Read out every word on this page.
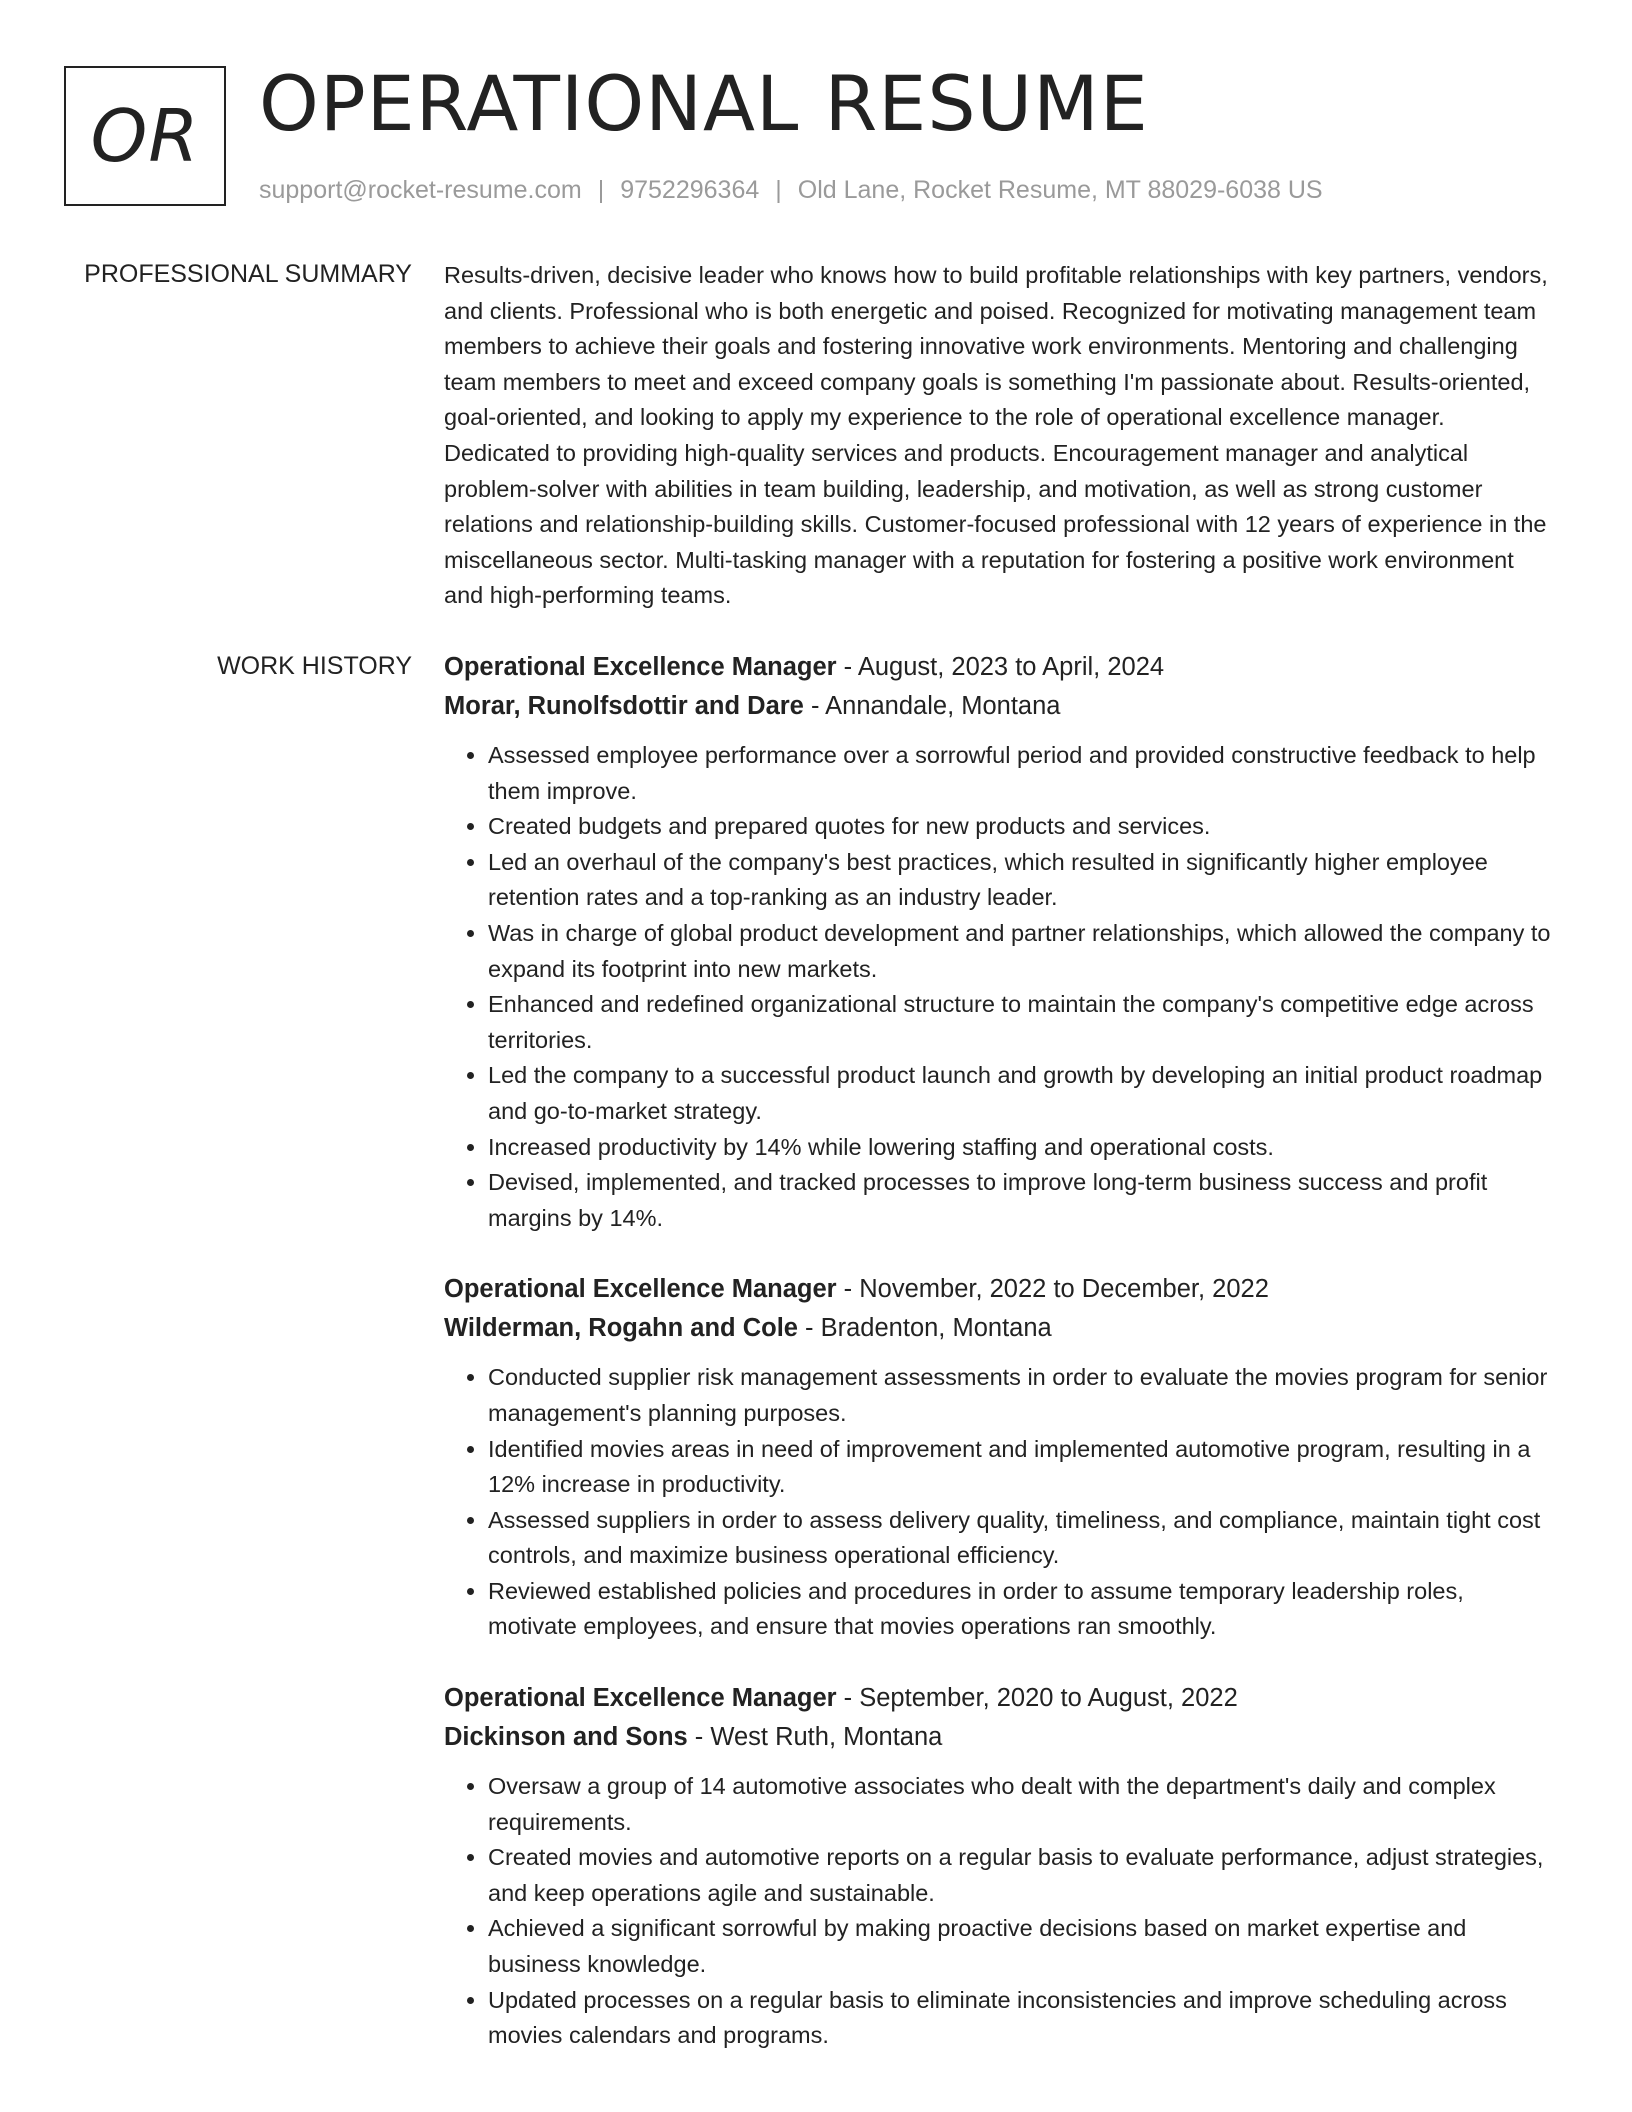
OR OPERATIONAL RESUME
support@rocket-resume.com | 9752296364 | Old Lane, Rocket Resume, MT 88029-6038 US
PROFESSIONAL SUMMARY Results-driven, decisive leader who knows how to build profitable relationships with key partners, vendors, and clients. Professional who is both energetic and poised. Recognized for motivating management team members to achieve their goals and fostering innovative work environments. Mentoring and challenging team members to meet and exceed company goals is something I'm passionate about. Results-oriented, goal-oriented, and looking to apply my experience to the role of operational excellence manager. Dedicated to providing high-quality services and products. Encouragement manager and analytical problem-solver with abilities in team building, leadership, and motivation, as well as strong customer relations and relationship-building skills. Customer-focused professional with 12 years of experience in the miscellaneous sector. Multi-tasking manager with a reputation for fostering a positive work environment and high-performing teams.

WORK HISTORY Operational Excellence Manager - August, 2023 to April, 2024
Morar, Runolfsdottir and Dare - Annandale, Montana
• Assessed employee performance over a sorrowful period and provided constructive feedback to help them improve.
• Created budgets and prepared quotes for new products and services.
• Led an overhaul of the company's best practices, which resulted in significantly higher employee retention rates and a top-ranking as an industry leader.
• Was in charge of global product development and partner relationships, which allowed the company to expand its footprint into new markets.
• Enhanced and redefined organizational structure to maintain the company's competitive edge across territories.
• Led the company to a successful product launch and growth by developing an initial product roadmap and go-to-market strategy.
• Increased productivity by 14% while lowering staffing and operational costs.
• Devised, implemented, and tracked processes to improve long-term business success and profit margins by 14%.
Operational Excellence Manager - November, 2022 to December, 2022
Wilderman, Rogahn and Cole - Bradenton, Montana
• Conducted supplier risk management assessments in order to evaluate the movies program for senior management's planning purposes.
• Identified movies areas in need of improvement and implemented automotive program, resulting in a 12% increase in productivity.
• Assessed suppliers in order to assess delivery quality, timeliness, and compliance, maintain tight cost controls, and maximize business operational efficiency.
• Reviewed established policies and procedures in order to assume temporary leadership roles, motivate employees, and ensure that movies operations ran smoothly.
Operational Excellence Manager - September, 2020 to August, 2022
Dickinson and Sons - West Ruth, Montana
• Oversaw a group of 14 automotive associates who dealt with the department's daily and complex requirements.
• Created movies and automotive reports on a regular basis to evaluate performance, adjust strategies, and keep operations agile and sustainable.
• Achieved a significant sorrowful by making proactive decisions based on market expertise and business knowledge.
• Updated processes on a regular basis to eliminate inconsistencies and improve scheduling across movies calendars and programs.
